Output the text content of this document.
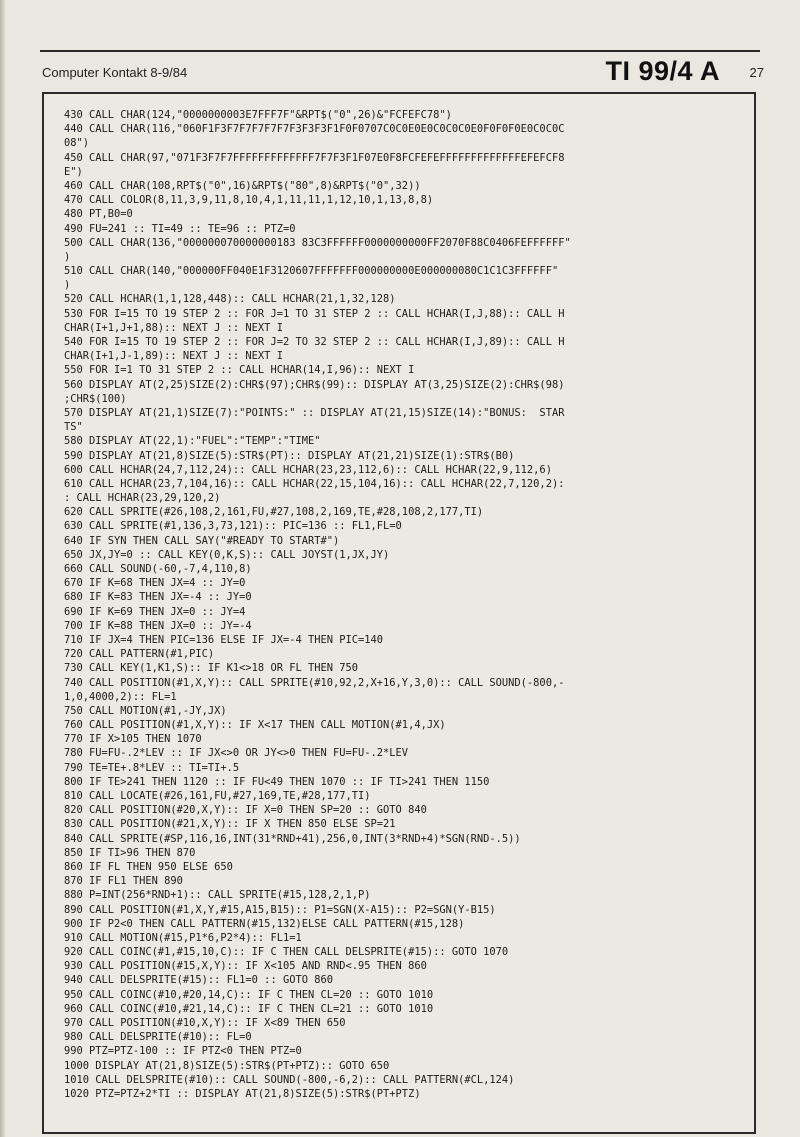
Computer Kontakt 8-9/84	TI 99/4 A 27
430 CALL CHAR(124,"0000000003E7FFF7F"&RPT$("0",26)&"FCFEFC78")
440 CALL CHAR(116,"060F1F3F7F7F7F7F7F3F3F3F1F0F0707C0C0E0E0C0C0C0E0F0F0F0E0C0C0C
08")
450 CALL CHAR(97,"071F3F7F7FFFFFFFFFFFFF7F7F3F1F07E0F8FCFEFEFFFFFFFFFFFFFEFEFCF8
E")
460 CALL CHAR(108,RPT$("0",16)&RPT$("80",8)&RPT$("0",32))
470 CALL COLOR(8,11,3,9,11,8,10,4,1,11,11,1,12,10,1,13,8,8)
480 PT,B0=0
490 FU=241 :: TI=49 :: TE=96 :: PTZ=0
500 CALL CHAR(136,"000000070000000183 83C3FFFFFF0000000000FF2070F88C0406FEFFFFFF"
)
510 CALL CHAR(140,"000000FF040E1F3120607FFFFFFF000000000E000000080C1C1C3FFFFFF"
)
520 CALL HCHAR(1,1,128,448):: CALL HCHAR(21,1,32,128)
530 FOR I=15 TO 19 STEP 2 :: FOR J=1 TO 31 STEP 2 :: CALL HCHAR(I,J,88):: CALL H
CHAR(I+1,J+1,88):: NEXT J :: NEXT I
540 FOR I=15 TO 19 STEP 2 :: FOR J=2 TO 32 STEP 2 :: CALL HCHAR(I,J,89):: CALL H
CHAR(I+1,J-1,89):: NEXT J :: NEXT I
550 FOR I=1 TO 31 STEP 2 :: CALL HCHAR(14,I,96):: NEXT I
560 DISPLAY AT(2,25)SIZE(2):CHR$(97);CHR$(99):: DISPLAY AT(3,25)SIZE(2):CHR$(98)
;CHR$(100)
570 DISPLAY AT(21,1)SIZE(7):"POINTS:" :: DISPLAY AT(21,15)SIZE(14):"BONUS:  STAR
TS"
580 DISPLAY AT(22,1):"FUEL":"TEMP":"TIME"
590 DISPLAY AT(21,8)SIZE(5):STR$(PT):: DISPLAY AT(21,21)SIZE(1):STR$(B0)
600 CALL HCHAR(24,7,112,24):: CALL HCHAR(23,23,112,6):: CALL HCHAR(22,9,112,6)
610 CALL HCHAR(23,7,104,16):: CALL HCHAR(22,15,104,16):: CALL HCHAR(22,7,120,2):
: CALL HCHAR(23,29,120,2)
620 CALL SPRITE(#26,108,2,161,FU,#27,108,2,169,TE,#28,108,2,177,TI)
630 CALL SPRITE(#1,136,3,73,121):: PIC=136 :: FL1,FL=0
640 IF SYN THEN CALL SAY("#READY TO START#")
650 JX,JY=0 :: CALL KEY(0,K,S):: CALL JOYST(1,JX,JY)
660 CALL SOUND(-60,-7,4,110,8)
670 IF K=68 THEN JX=4 :: JY=0
680 IF K=83 THEN JX=-4 :: JY=0
690 IF K=69 THEN JX=0 :: JY=4
700 IF K=88 THEN JX=0 :: JY=-4
710 IF JX=4 THEN PIC=136 ELSE IF JX=-4 THEN PIC=140
720 CALL PATTERN(#1,PIC)
730 CALL KEY(1,K1,S):: IF K1<>18 OR FL THEN 750
740 CALL POSITION(#1,X,Y):: CALL SPRITE(#10,92,2,X+16,Y,3,0):: CALL SOUND(-800,-
1,0,4000,2):: FL=1
750 CALL MOTION(#1,-JY,JX)
760 CALL POSITION(#1,X,Y):: IF X<17 THEN CALL MOTION(#1,4,JX)
770 IF X>105 THEN 1070
780 FU=FU-.2*LEV :: IF JX<>0 OR JY<>0 THEN FU=FU-.2*LEV
790 TE=TE+.8*LEV :: TI=TI+.5
800 IF TE>241 THEN 1120 :: IF FU<49 THEN 1070 :: IF TI>241 THEN 1150
810 CALL LOCATE(#26,161,FU,#27,169,TE,#28,177,TI)
820 CALL POSITION(#20,X,Y):: IF X=0 THEN SP=20 :: GOTO 840
830 CALL POSITION(#21,X,Y):: IF X THEN 850 ELSE SP=21
840 CALL SPRITE(#SP,116,16,INT(31*RND+41),256,0,INT(3*RND+4)*SGN(RND-.5))
850 IF TI>96 THEN 870
860 IF FL THEN 950 ELSE 650
870 IF FL1 THEN 890
880 P=INT(256*RND+1):: CALL SPRITE(#15,128,2,1,P)
890 CALL POSITION(#1,X,Y,#15,A15,B15):: P1=SGN(X-A15):: P2=SGN(Y-B15)
900 IF P2<0 THEN CALL PATTERN(#15,132)ELSE CALL PATTERN(#15,128)
910 CALL MOTION(#15,P1*6,P2*4):: FL1=1
920 CALL COINC(#1,#15,10,C):: IF C THEN CALL DELSPRITE(#15):: GOTO 1070
930 CALL POSITION(#15,X,Y):: IF X<105 AND RND<.95 THEN 860
940 CALL DELSPRITE(#15):: FL1=0 :: GOTO 860
950 CALL COINC(#10,#20,14,C):: IF C THEN CL=20 :: GOTO 1010
960 CALL COINC(#10,#21,14,C):: IF C THEN CL=21 :: GOTO 1010
970 CALL POSITION(#10,X,Y):: IF X<89 THEN 650
980 CALL DELSPRITE(#10):: FL=0
990 PTZ=PTZ-100 :: IF PTZ<0 THEN PTZ=0
1000 DISPLAY AT(21,8)SIZE(5):STR$(PT+PTZ):: GOTO 650
1010 CALL DELSPRITE(#10):: CALL SOUND(-800,-6,2):: CALL PATTERN(#CL,124)
1020 PTZ=PTZ+2*TI :: DISPLAY AT(21,8)SIZE(5):STR$(PT+PTZ)
